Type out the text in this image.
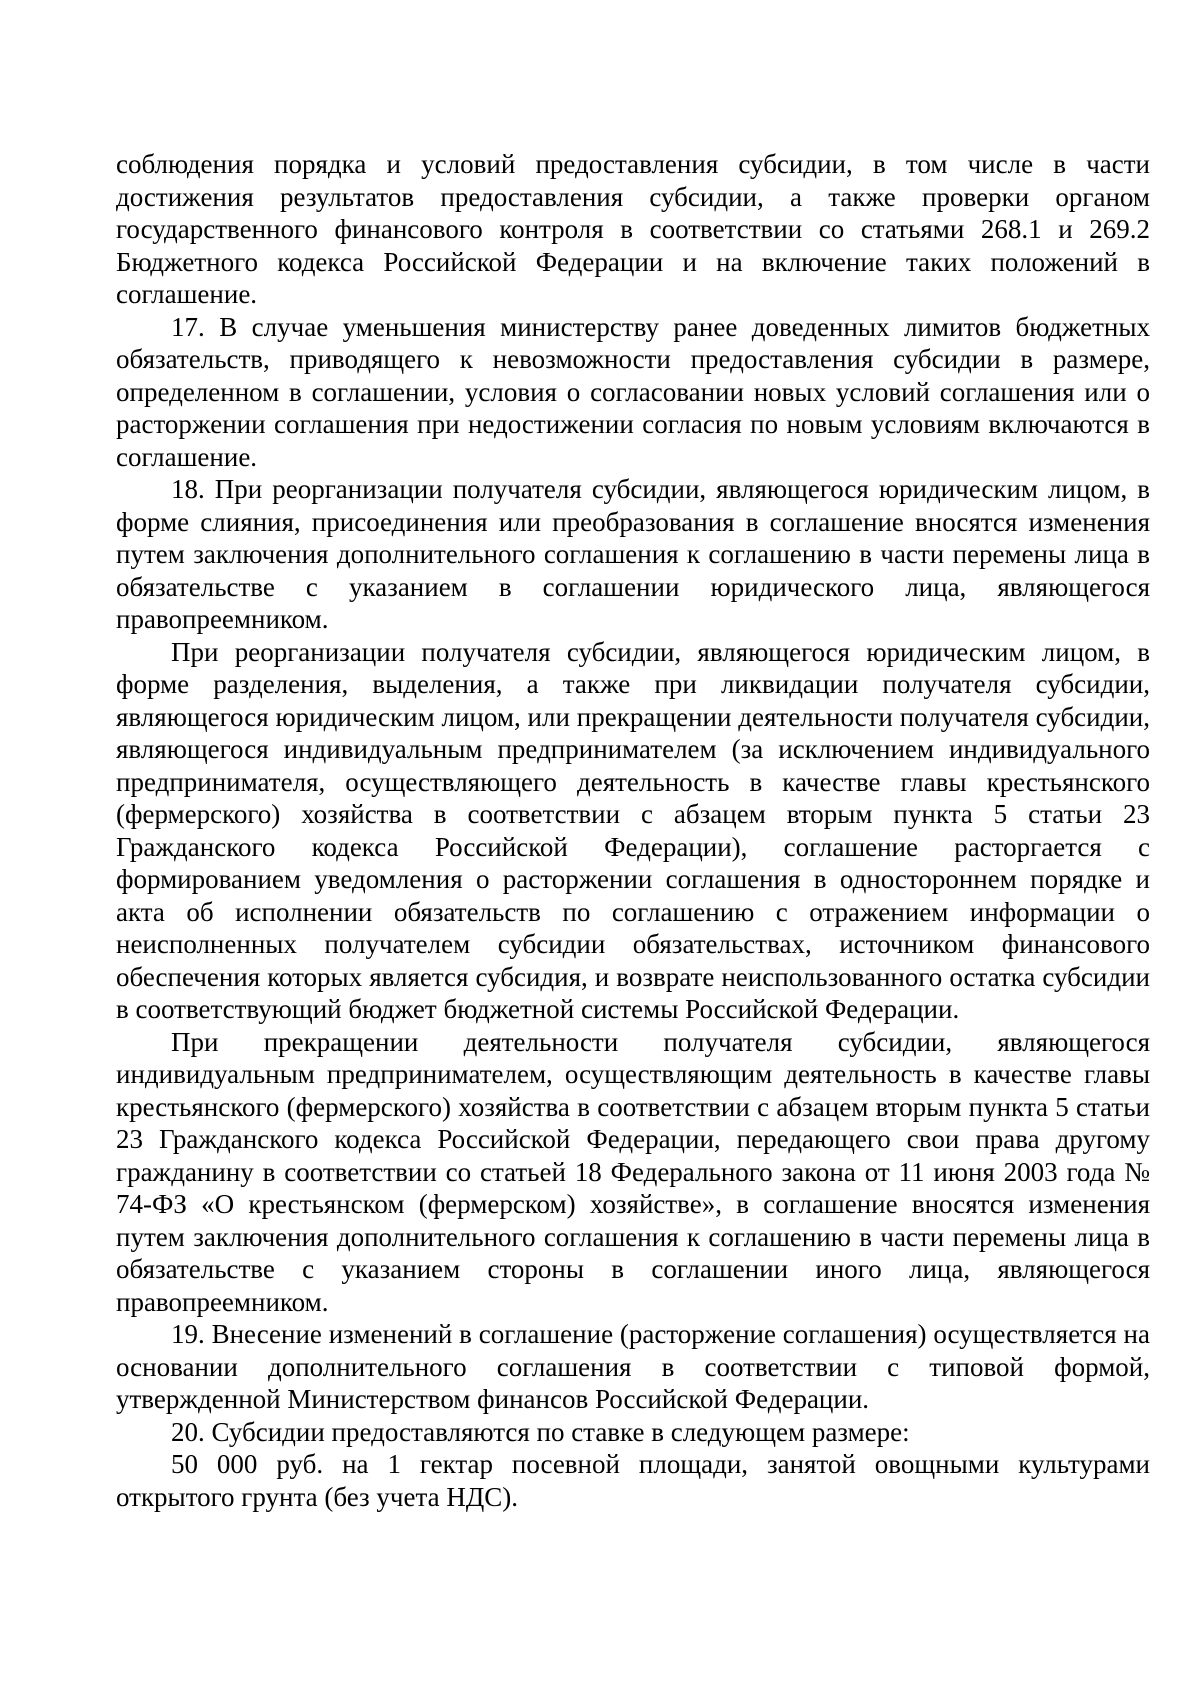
соблюдения порядка и условий предоставления субсидии, в том числе в части достижения результатов предоставления субсидии, а также проверки органом государственного финансового контроля в соответствии со статьями 268.1 и 269.2 Бюджетного кодекса Российской Федерации и на включение таких положений в соглашение.

17. В случае уменьшения министерству ранее доведенных лимитов бюджетных обязательств, приводящего к невозможности предоставления субсидии в размере, определенном в соглашении, условия о согласовании новых условий соглашения или о расторжении соглашения при недостижении согласия по новым условиям включаются в соглашение.

18. При реорганизации получателя субсидии, являющегося юридическим лицом, в форме слияния, присоединения или преобразования в соглашение вносятся изменения путем заключения дополнительного соглашения к соглашению в части перемены лица в обязательстве с указанием в соглашении юридического лица, являющегося правопреемником.

При реорганизации получателя субсидии, являющегося юридическим лицом, в форме разделения, выделения, а также при ликвидации получателя субсидии, являющегося юридическим лицом, или прекращении деятельности получателя субсидии, являющегося индивидуальным предпринимателем (за исключением индивидуального предпринимателя, осуществляющего деятельность в качестве главы крестьянского (фермерского) хозяйства в соответствии с абзацем вторым пункта 5 статьи 23 Гражданского кодекса Российской Федерации), соглашение расторгается с формированием уведомления о расторжении соглашения в одностороннем порядке и акта об исполнении обязательств по соглашению с отражением информации о неисполненных получателем субсидии обязательствах, источником финансового обеспечения которых является субсидия, и возврате неиспользованного остатка субсидии в соответствующий бюджет бюджетной системы Российской Федерации.

При прекращении деятельности получателя субсидии, являющегося индивидуальным предпринимателем, осуществляющим деятельность в качестве главы крестьянского (фермерского) хозяйства в соответствии с абзацем вторым пункта 5 статьи 23 Гражданского кодекса Российской Федерации, передающего свои права другому гражданину в соответствии со статьей 18 Федерального закона от 11 июня 2003 года № 74-ФЗ «О крестьянском (фермерском) хозяйстве», в соглашение вносятся изменения путем заключения дополнительного соглашения к соглашению в части перемены лица в обязательстве с указанием стороны в соглашении иного лица, являющегося правопреемником.

19. Внесение изменений в соглашение (расторжение соглашения) осуществляется на основании дополнительного соглашения в соответствии с типовой формой, утвержденной Министерством финансов Российской Федерации.

20. Субсидии предоставляются по ставке в следующем размере:

50 000 руб. на 1 гектар посевной площади, занятой овощными культурами открытого грунта (без учета НДС).
